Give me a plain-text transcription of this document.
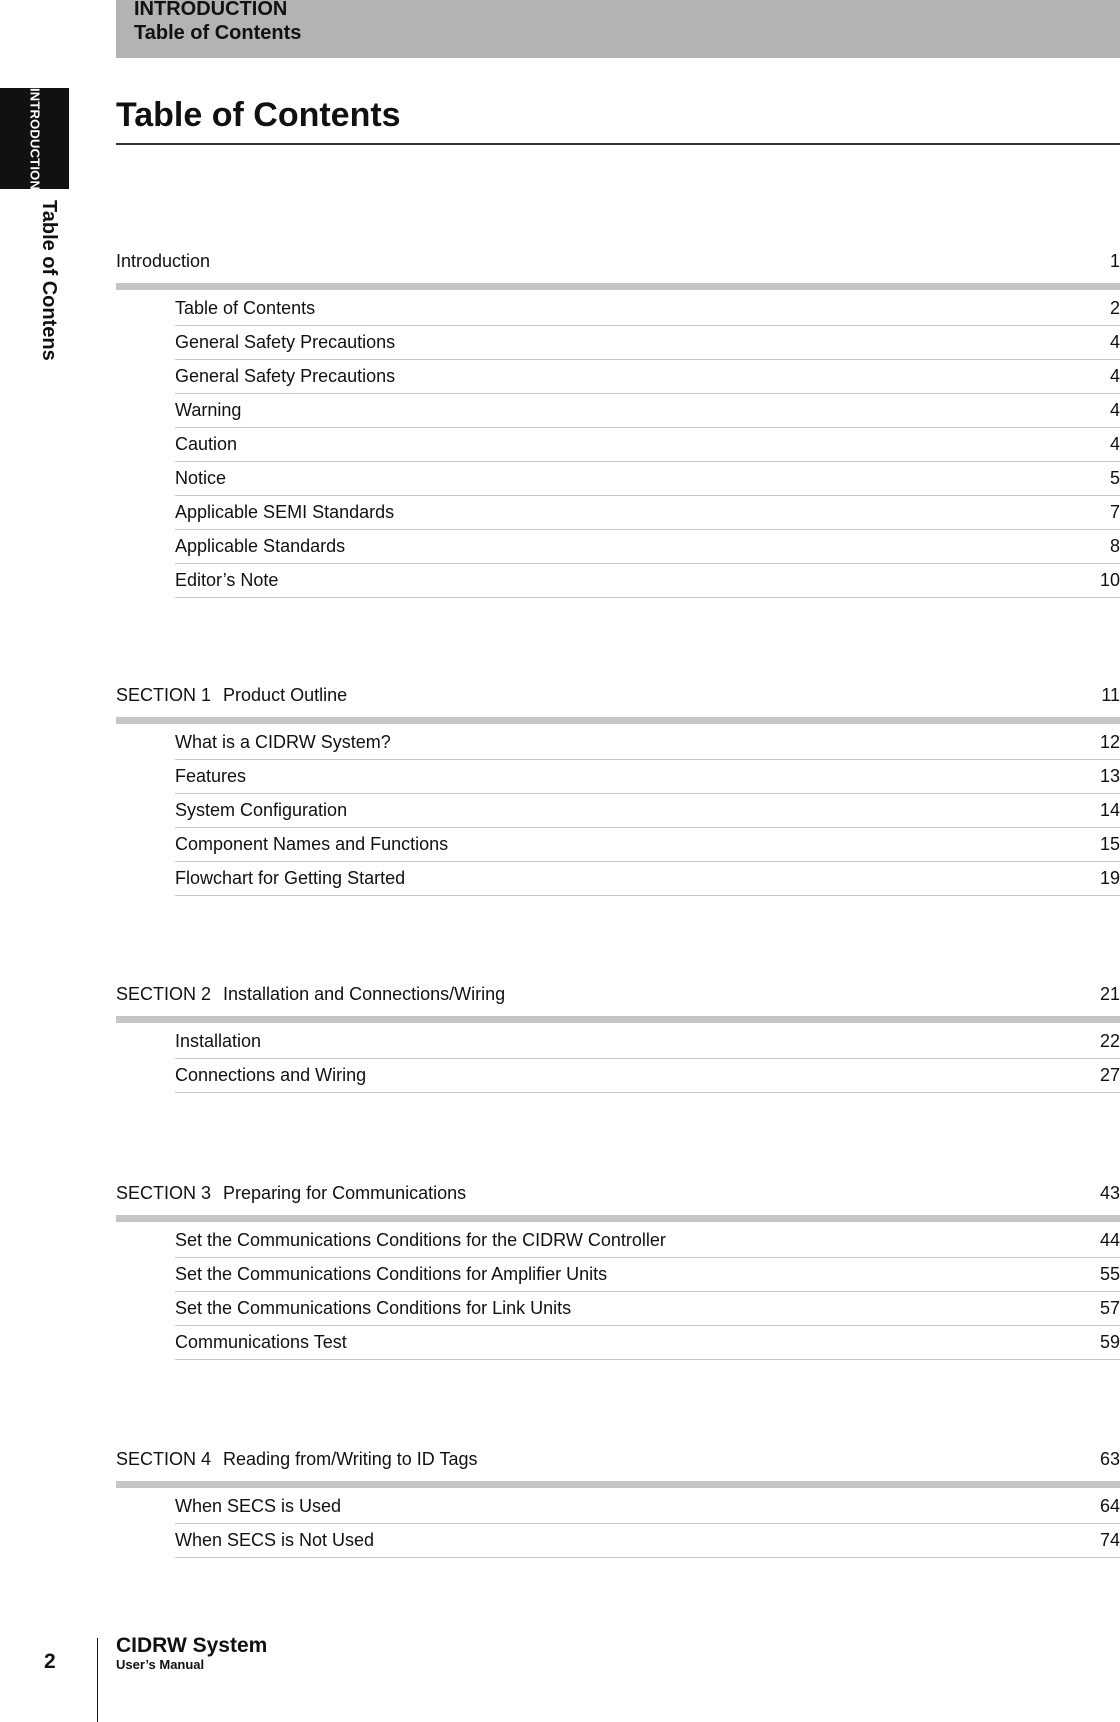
INTRODUCTION
Table of Contents
INTRODUCTION
Table of Contens
Table of Contents
Introduction	1
Table of Contents	2
General Safety Precautions	4
General Safety Precautions	4
Warning	4
Caution	4
Notice	5
Applicable SEMI Standards	7
Applicable Standards	8
Editor’s Note	10
SECTION 1 Product Outline	11
What is a CIDRW System?	12
Features	13
System Configuration	14
Component Names and Functions	15
Flowchart for Getting Started	19
SECTION 2 Installation and Connections/Wiring	21
Installation	22
Connections and Wiring	27
SECTION 3 Preparing for Communications	43
Set the Communications Conditions for the CIDRW Controller	44
Set the Communications Conditions for Amplifier Units	55
Set the Communications Conditions for Link Units	57
Communications Test	59
SECTION 4 Reading from/Writing to ID Tags	63
When SECS is Used	64
When SECS is Not Used	74
2
CIDRW System
User’s Manual
